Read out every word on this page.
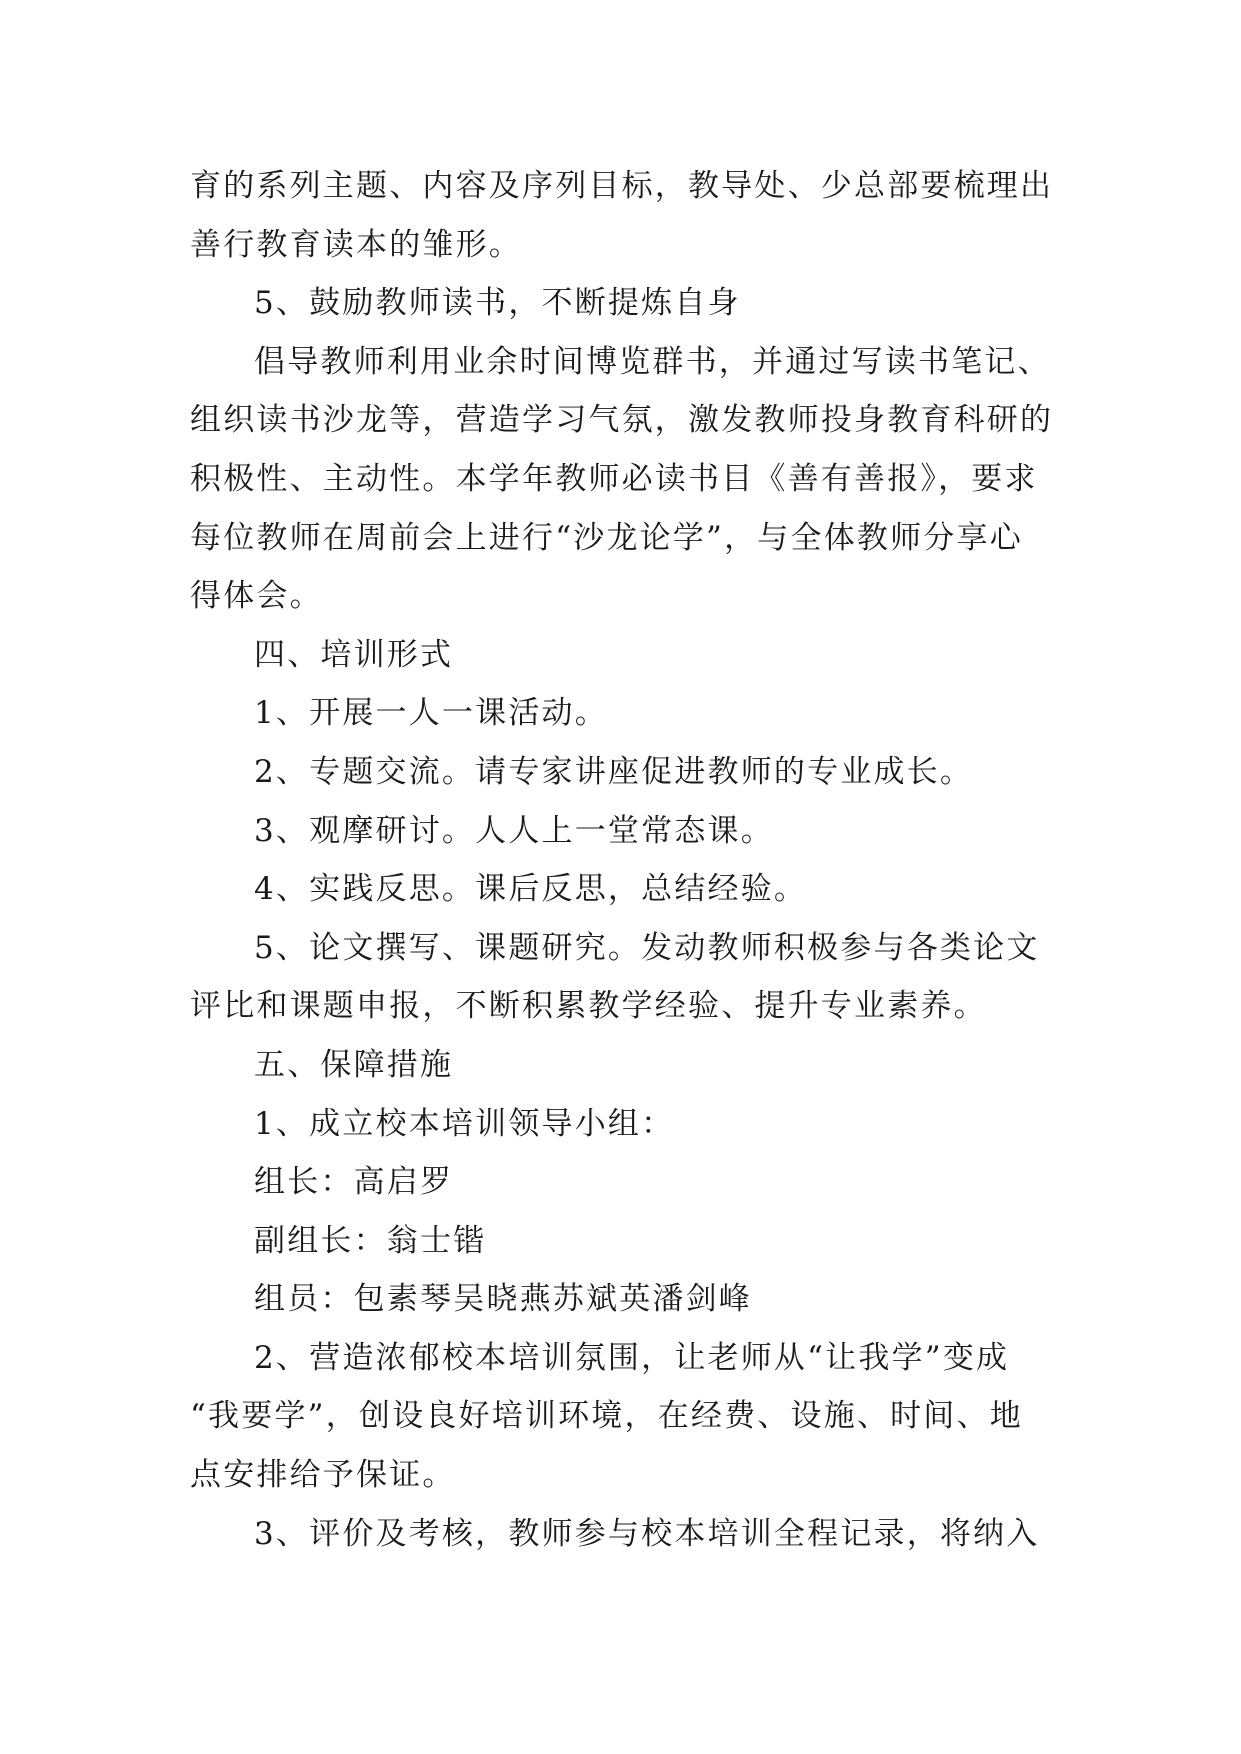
育的系列主题、内容及序列目标，教导处、少总部要梳理出
善行教育读本的雏形。
5、鼓励教师读书，不断提炼自身
倡导教师利用业余时间博览群书，并通过写读书笔记、
组织读书沙龙等，营造学习气氛，激发教师投身教育科研的
积极性、主动性。本学年教师必读书目《善有善报》，要求
每位教师在周前会上进行“沙龙论学”，与全体教师分享心
得体会。
四、培训形式
1、开展一人一课活动。
2、专题交流。请专家讲座促进教师的专业成长。
3、观摩研讨。人人上一堂常态课。
4、实践反思。课后反思，总结经验。
5、论文撰写、课题研究。发动教师积极参与各类论文
评比和课题申报，不断积累教学经验、提升专业素养。
五、保障措施
1、成立校本培训领导小组：
组长：高启罗
副组长：翁士锴
组员：包素琴吴晓燕苏斌英潘剑峰
2、营造浓郁校本培训氛围，让老师从“让我学”变成
“我要学”，创设良好培训环境，在经费、设施、时间、地
点安排给予保证。
3、评价及考核，教师参与校本培训全程记录，将纳入
